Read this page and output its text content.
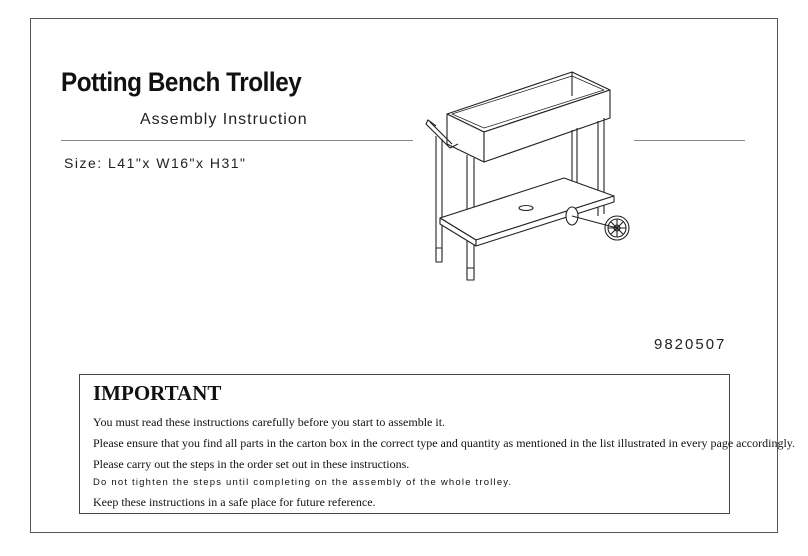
Potting Bench Trolley
Assembly Instruction
Size: L41"x W16"x H31"
9820507
IMPORTANT
You must read these instructions carefully before you start to assemble it.
Please ensure that you find all parts in the carton box in the correct type and quantity as mentioned in the list illustrated in every page accordingly.
Please carry out the steps in the order set out in these instructions.
Do not tighten the steps until completing on the assembly of the whole trolley.
Keep these instructions in a safe place for future reference.
